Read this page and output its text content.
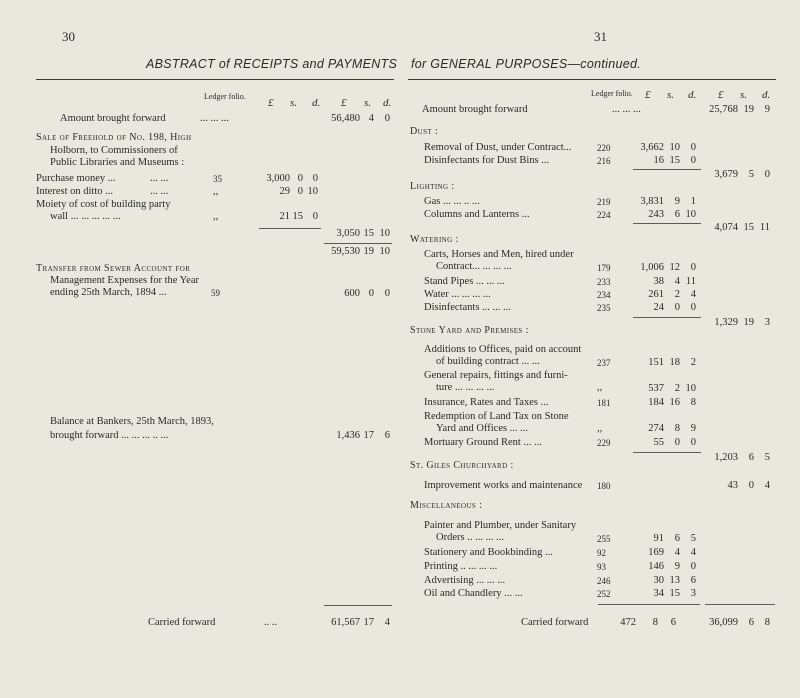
30	31
ABSTRACT of RECEIPTS and PAYMENTS for GENERAL PURPOSES—continued.
Ledger folio.
£ s. d. £ s. d.
Amount brought forward	... ... ...	56,480 4	0
Sale of Freehold of No. 198, High
Holborn, to Commissioners of
Public Libraries and Museums :
Purchase money ...	... ...	35	3,000 0 0
Interest on ditto ...	... ...	,,	29 0 10
Moiety of cost of building party
wall ... ... ... ... ...	,,	21 15 0
3,050 15 10
59,530 19 10
Transfer from Sewer Account for
Management Expenses for the Year
ending 25th March, 1894 ...	59	600 0	0
Balance at Bankers, 25th March, 1893,
brought forward ... ... ... .. ...	1,436 17	6
Carried forward	.. ..	61,567 17	4
Ledger folio. £ s. d. £ s. d.
Amount brought forward	... ... ...	25,768 19	9
Dust :
Removal of Dust, under Contract...	220	3,662 10	0
Disinfectants for Dust Bins ...	216	16 15	0
3,679	5	0
Lighting :
Gas ... ... .. ...	219	3,831	9	1
Columns and Lanterns ...	224	243	6 10
4,074 15 11
Watering :
Carts, Horses and Men, hired under
Contract... ... ... ...	179	1,006 12	0
Stand Pipes ... ... ...	233	38	4 11
Water ... ... ... ...	234	261	2	4
Disinfectants ... ... ...	235	24	0	0
1,329 19	3
Stone Yard and Premises :
Additions to Offices, paid on account
of building contract ... ...	237	151 18	2
General repairs, fittings and furni-
ture ... ... ... ...	,,	537	2 10
Insurance, Rates and Taxes ...	181	184 16	8
Redemption of Land Tax on Stone
Yard and Offices ... ...	,,	274	8	9
Mortuary Ground Rent ... ...	229	55	0	0
1,203	6	5
St. Giles Churchyard :
Improvement works and maintenance 180	43	0	4
Miscellaneous :
Painter and Plumber, under Sanitary
Orders .. ... ... ...	255	91	6	5
Stationery and Bookbinding ...	92	169	4	4
Printing .. ... ... ...	93	146	9	0
Advertising ... ... ...	246	30 13	6
Oil and Chandlery ... ...	252	34 15	3
Carried forward	472	8	6	36,099	6	8
